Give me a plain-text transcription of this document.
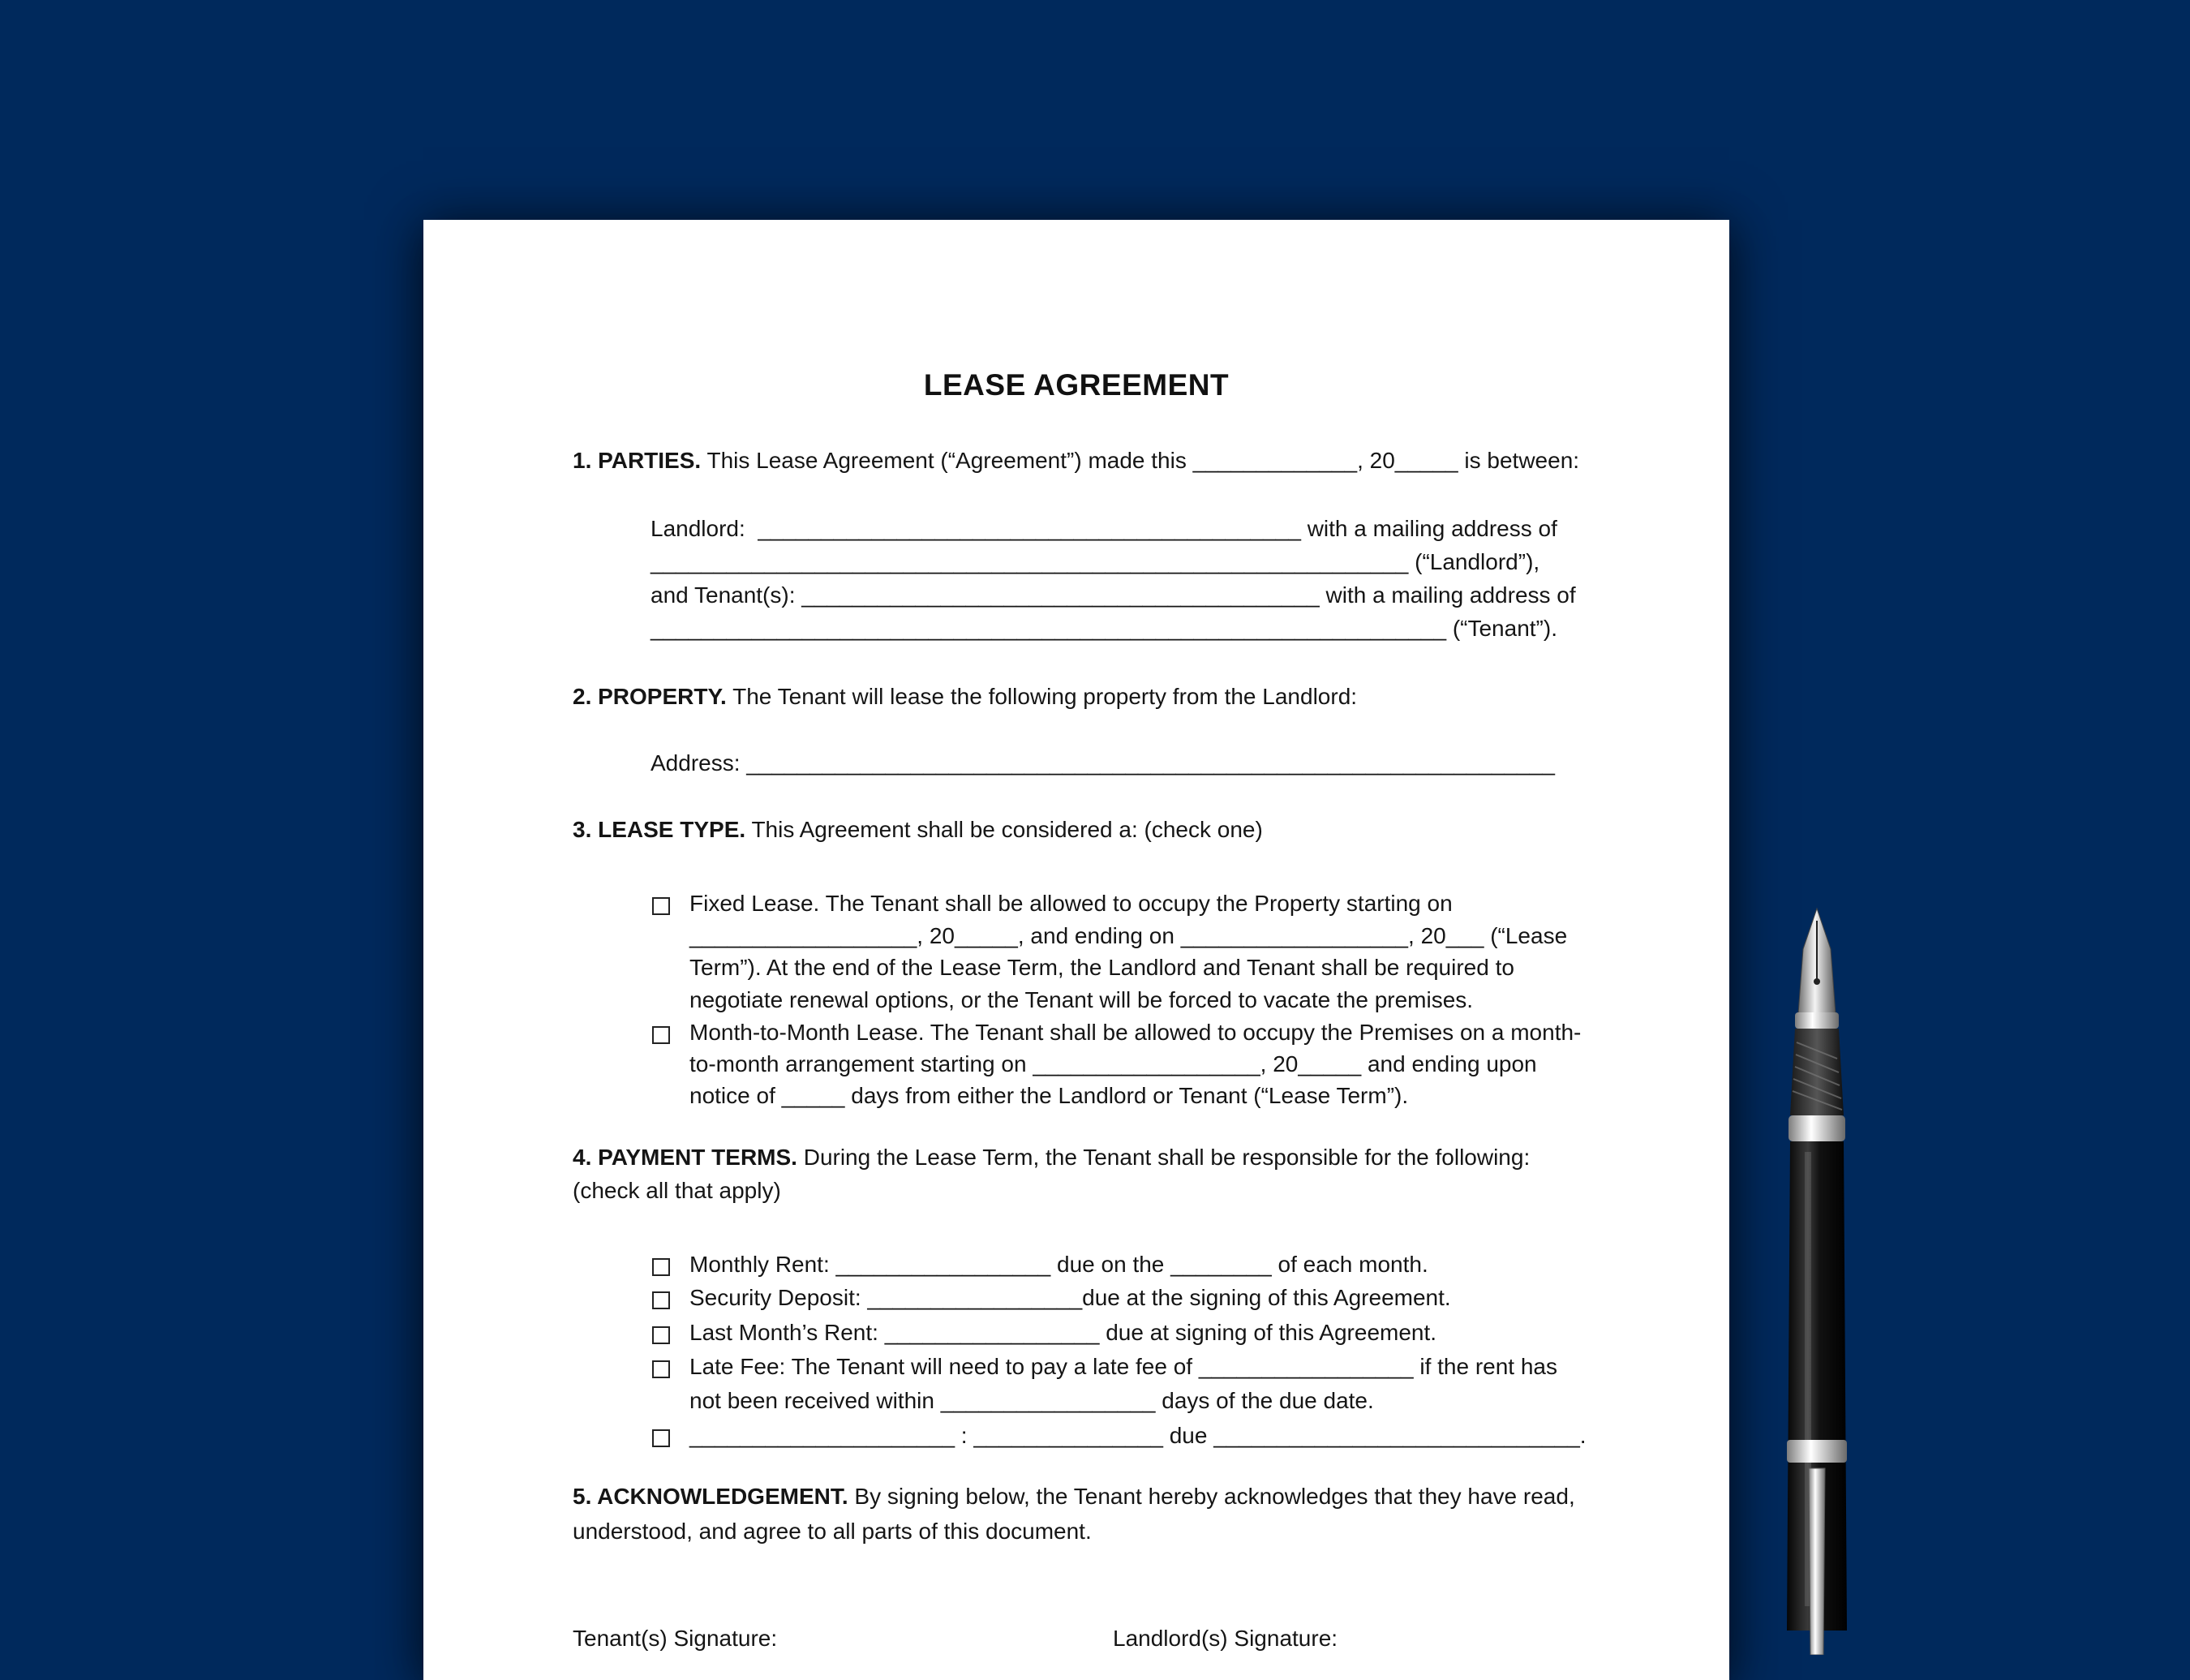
LEASE AGREEMENT
1. PARTIES. This Lease Agreement (“Agreement”) made this _____________, 20_____ is between:
Landlord:  ___________________________________________ with a mailing address of
____________________________________________________________ (“Landlord”),
and Tenant(s): _________________________________________ with a mailing address of
_______________________________________________________________ (“Tenant”).
2. PROPERTY. The Tenant will lease the following property from the Landlord:
Address: ________________________________________________________________
3. LEASE TYPE. This Agreement shall be considered a: (check one)
Fixed Lease. The Tenant shall be allowed to occupy the Property starting on
__________________, 20_____, and ending on __________________, 20___ (“Lease
Term”). At the end of the Lease Term, the Landlord and Tenant shall be required to
negotiate renewal options, or the Tenant will be forced to vacate the premises.
Month-to-Month Lease. The Tenant shall be allowed to occupy the Premises on a month-
to-month arrangement starting on __________________, 20_____ and ending upon
notice of _____ days from either the Landlord or Tenant (“Lease Term”).
4. PAYMENT TERMS. During the Lease Term, the Tenant shall be responsible for the following:
(check all that apply)
Monthly Rent: _________________ due on the ________ of each month.
Security Deposit: _________________due at the signing of this Agreement.
Last Month’s Rent: _________________ due at signing of this Agreement.
Late Fee: The Tenant will need to pay a late fee of _________________ if the rent has
not been received within _________________ days of the due date.
_____________________ : _______________ due _____________________________.
5. ACKNOWLEDGEMENT. By signing below, the Tenant hereby acknowledges that they have read,
understood, and agree to all parts of this document.
Tenant(s) Signature:	Landlord(s) Signature:
